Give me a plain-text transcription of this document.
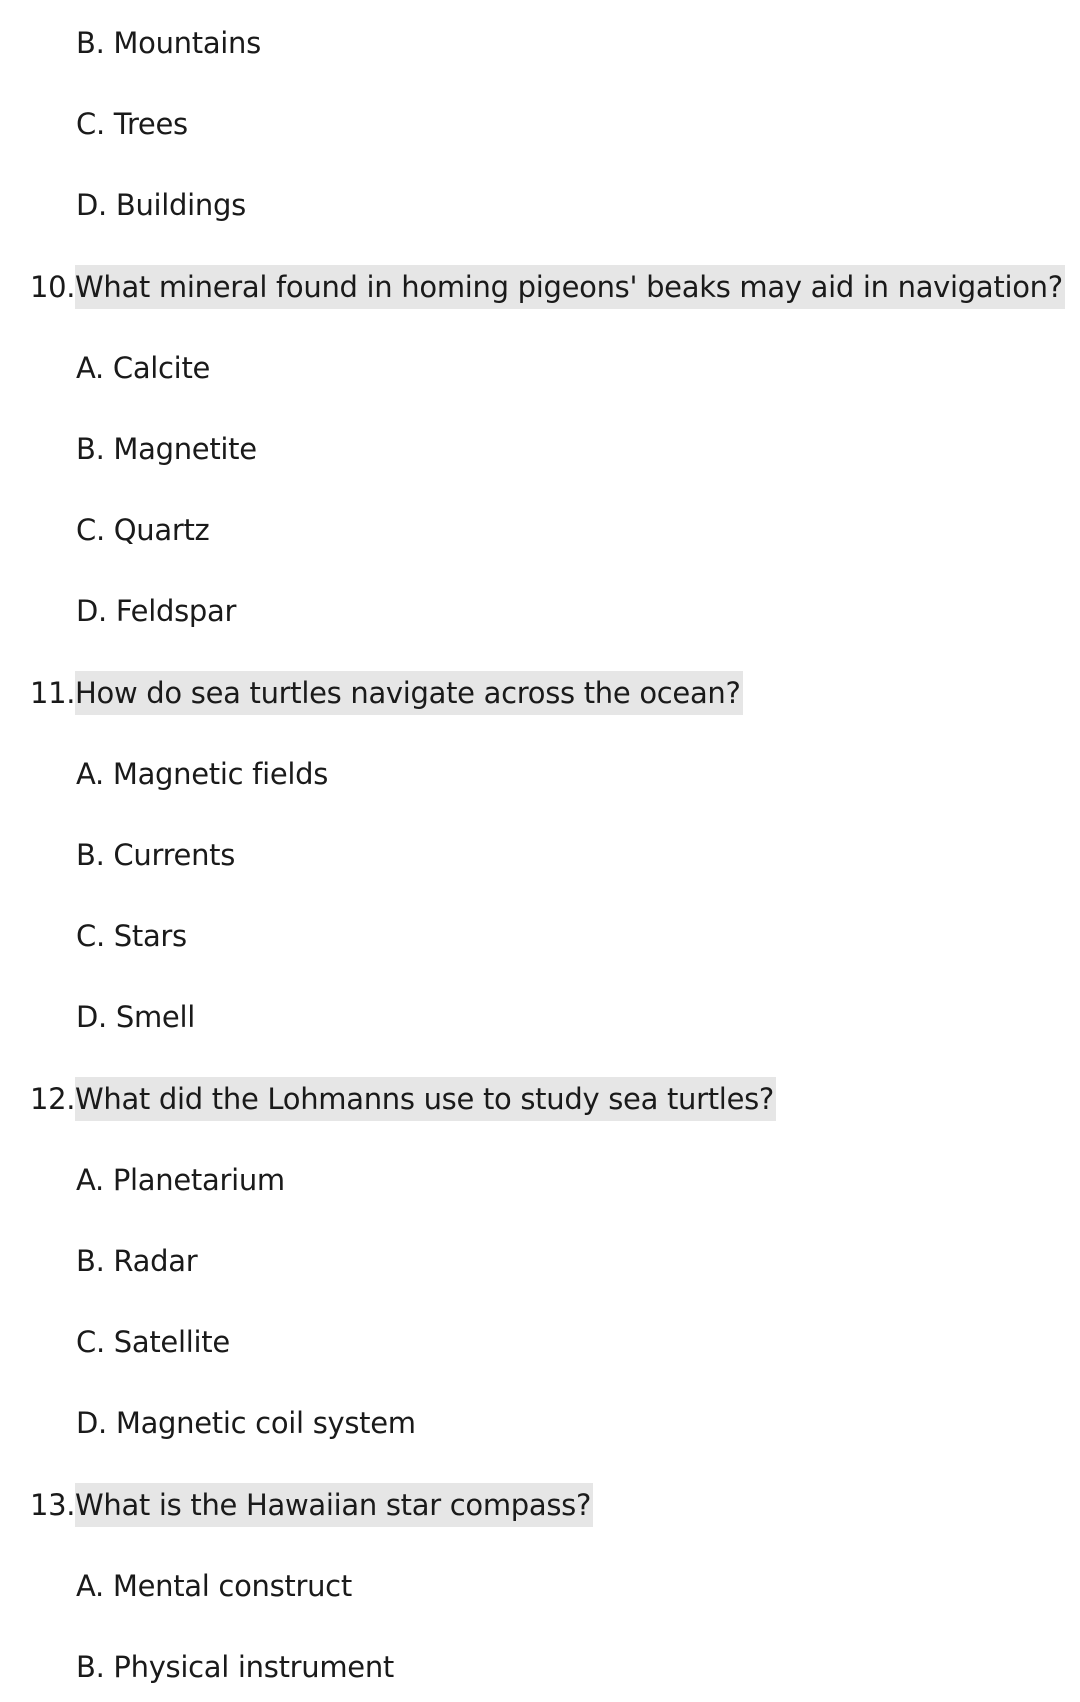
B. Mountains
C. Trees
D. Buildings
10. What mineral found in homing pigeons' beaks may aid in navigation?
A. Calcite
B. Magnetite
C. Quartz
D. Feldspar
11. How do sea turtles navigate across the ocean?
A. Magnetic fields
B. Currents
C. Stars
D. Smell
12. What did the Lohmanns use to study sea turtles?
A. Planetarium
B. Radar
C. Satellite
D. Magnetic coil system
13. What is the Hawaiian star compass?
A. Mental construct
B. Physical instrument
